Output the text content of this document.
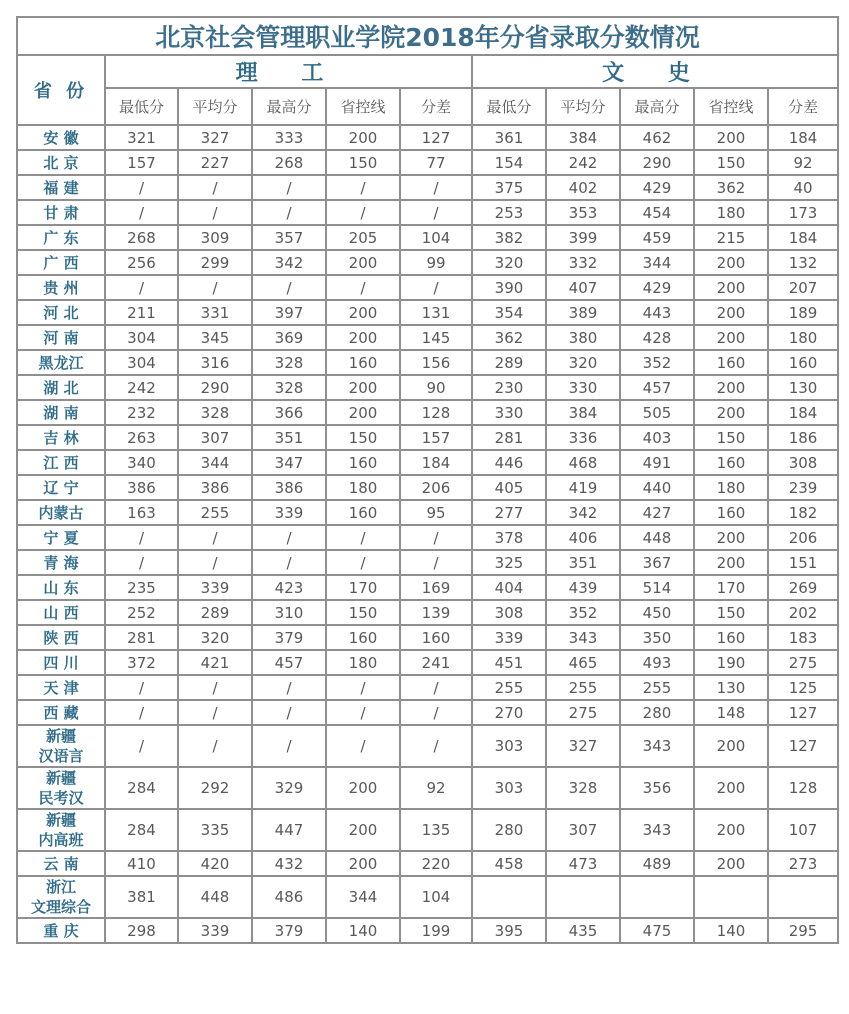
北京社会管理职业学院2018年分省录取分数情况										
省 份	理 工					文 史				
	最低分	平均分	最高分	省控线	分差	最低分	平均分	最高分	省控线	分差

安 徽	321	327	333	200	127	361	384	462	200	184

北 京	157	227	268	150	77	154	242	290	150	92

福 建	/	/	/	/	/	375	402	429	362	40

甘 肃	/	/	/	/	/	253	353	454	180	173

广 东	268	309	357	205	104	382	399	459	215	184

广 西	256	299	342	200	99	320	332	344	200	132

贵 州	/	/	/	/	/	390	407	429	200	207

河 北	211	331	397	200	131	354	389	443	200	189

河 南	304	345	369	200	145	362	380	428	200	180

黑龙江	304	316	328	160	156	289	320	352	160	160

湖 北	242	290	328	200	90	230	330	457	200	130

湖 南	232	328	366	200	128	330	384	505	200	184

吉 林	263	307	351	150	157	281	336	403	150	186

江 西	340	344	347	160	184	446	468	491	160	308

辽 宁	386	386	386	180	206	405	419	440	180	239

内蒙古	163	255	339	160	95	277	342	427	160	182

宁 夏	/	/	/	/	/	378	406	448	200	206

青 海	/	/	/	/	/	325	351	367	200	151

山 东	235	339	423	170	169	404	439	514	170	269

山 西	252	289	310	150	139	308	352	450	150	202

陕 西	281	320	379	160	160	339	343	350	160	183

四 川	372	421	457	180	241	451	465	493	190	275

天 津	/	/	/	/	/	255	255	255	130	125

西 藏	/	/	/	/	/	270	275	280	148	127

新疆
汉语言	/	/	/	/	/	303	327	343	200	127

新疆
民考汉	284	292	329	200	92	303	328	356	200	128

新疆
内高班	284	335	447	200	135	280	307	343	200	107

云 南	410	420	432	200	220	458	473	489	200	273

浙江
文理综合	381	448	486	344	104					

重 庆	298	339	379	140	199	395	435	475	140	295
